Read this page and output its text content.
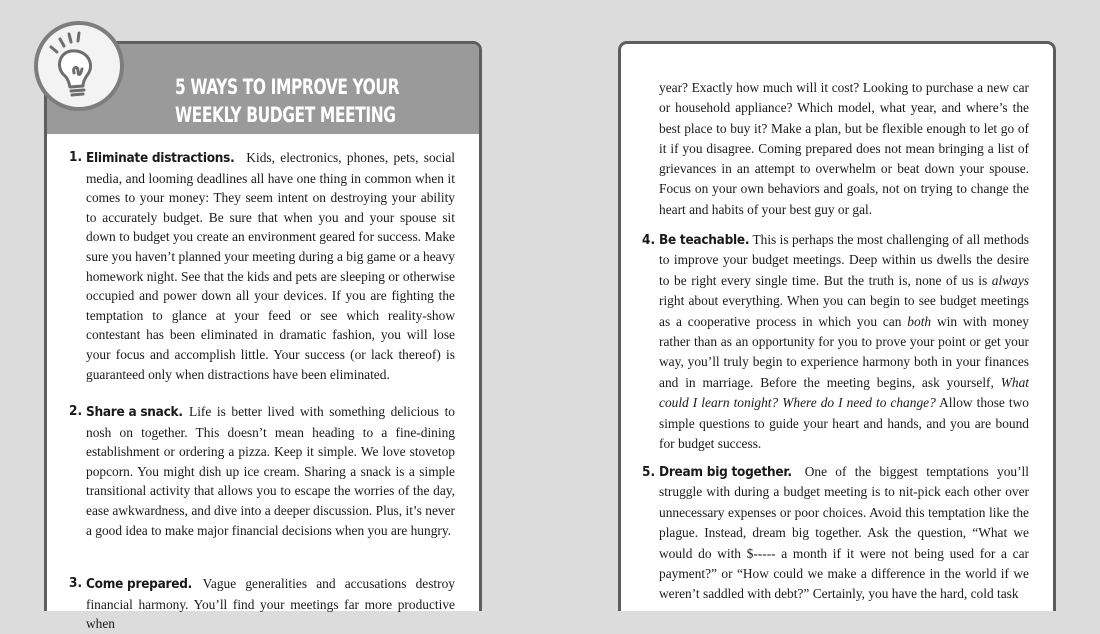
5 WAYS TO IMPROVE YOUR
WEEKLY BUDGET MEETING
1. Eliminate distractions. Kids, electronics, phones, pets, social media, and looming deadlines all have one thing in common when it comes to your money: They seem intent on destroying your ability to accurately budget. Be sure that when you and your spouse sit down to budget you create an environment geared for success. Make sure you haven’t planned your meeting during a big game or a heavy homework night. See that the kids and pets are sleeping or otherwise occupied and power down all your devices. If you are fighting the temptation to glance at your feed or see which reality-show contestant has been eliminated in dramatic fashion, you will lose your focus and accomplish little. Your success (or lack thereof) is guaranteed only when distractions have been eliminated.
2. Share a snack. Life is better lived with something delicious to nosh on together. This doesn’t mean heading to a fine-dining establishment or ordering a pizza. Keep it simple. We love stovetop popcorn. You might dish up ice cream. Sharing a snack is a simple transitional activity that allows you to escape the worries of the day, ease awkwardness, and dive into a deeper discussion. Plus, it’s never a good idea to make major financial decisions when you are hungry.
3. Come prepared. Vague generalities and accusations destroy financial harmony. You’ll find your meetings far more productive when
year? Exactly how much will it cost? Looking to purchase a new car or household appliance? Which model, what year, and where’s the best place to buy it? Make a plan, but be flexible enough to let go of it if you disagree. Coming prepared does not mean bringing a list of grievances in an attempt to overwhelm or beat down your spouse. Focus on your own behaviors and goals, not on trying to change the heart and habits of your best guy or gal.
4. Be teachable. This is perhaps the most challenging of all methods to improve your budget meetings. Deep within us dwells the desire to be right every single time. But the truth is, none of us is always right about everything. When you can begin to see budget meetings as a cooperative process in which you can both win with money rather than as an opportunity for you to prove your point or get your way, you’ll truly begin to experience harmony both in your finances and in marriage. Before the meeting begins, ask yourself, What could I learn tonight? Where do I need to change? Allow those two simple questions to guide your heart and hands, and you are bound for budget success.
5. Dream big together. One of the biggest temptations you’ll struggle with during a budget meeting is to nit-pick each other over unnecessary expenses or poor choices. Avoid this temptation like the plague. Instead, dream big together. Ask the question, “What we would do with $----- a month if it were not being used for a car payment?” or “How could we make a difference in the world if we weren’t saddled with debt?” Certainly, you have the hard, cold task
